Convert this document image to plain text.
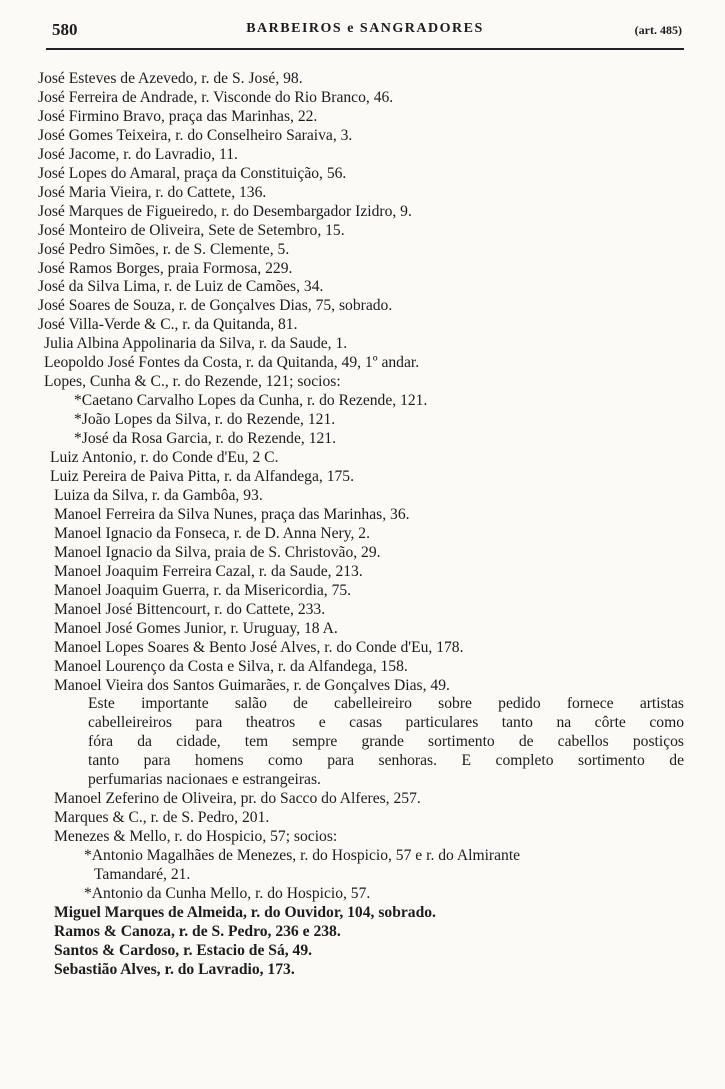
580	BARBEIROS e SANGRADORES	(art. 485)
José Esteves de Azevedo, r. de S. José, 98.
José Ferreira de Andrade, r. Visconde do Rio Branco, 46.
José Firmino Bravo, praça das Marinhas, 22.
José Gomes Teixeira, r. do Conselheiro Saraiva, 3.
José Jacome, r. do Lavradio, 11.
José Lopes do Amaral, praça da Constituição, 56.
José Maria Vieira, r. do Cattete, 136.
José Marques de Figueiredo, r. do Desembargador Izidro, 9.
José Monteiro de Oliveira, Sete de Setembro, 15.
José Pedro Simões, r. de S. Clemente, 5.
José Ramos Borges, praia Formosa, 229.
José da Silva Lima, r. de Luiz de Camões, 34.
José Soares de Souza, r. de Gonçalves Dias, 75, sobrado.
José Villa-Verde & C., r. da Quitanda, 81.
Julia Albina Appolinaria da Silva, r. da Saude, 1.
Leopoldo José Fontes da Costa, r. da Quitanda, 49, 1º andar.
Lopes, Cunha & C., r. do Rezende, 121; socios:
*Caetano Carvalho Lopes da Cunha, r. do Rezende, 121.
*João Lopes da Silva, r. do Rezende, 121.
*José da Rosa Garcia, r. do Rezende, 121.
Luiz Antonio, r. do Conde d'Eu, 2 C.
Luiz Pereira de Paiva Pitta, r. da Alfandega, 175.
Luiza da Silva, r. da Gambôa, 93.
Manoel Ferreira da Silva Nunes, praça das Marinhas, 36.
Manoel Ignacio da Fonseca, r. de D. Anna Nery, 2.
Manoel Ignacio da Silva, praia de S. Christovão, 29.
Manoel Joaquim Ferreira Cazal, r. da Saude, 213.
Manoel Joaquim Guerra, r. da Misericordia, 75.
Manoel José Bittencourt, r. do Cattete, 233.
Manoel José Gomes Junior, r. Uruguay, 18 A.
Manoel Lopes Soares & Bento José Alves, r. do Conde d'Eu, 178.
Manoel Lourenço da Costa e Silva, r. da Alfandega, 158.
Manoel Vieira dos Santos Guimarães, r. de Gonçalves Dias, 49.
Este importante salão de cabelleireiro sobre pedido fornece artistas
cabelleireiros para theatros e casas particulares tanto na côrte como
fóra da cidade, tem sempre grande sortimento de cabellos postiços
tanto para homens como para senhoras. E completo sortimento de
perfumarias nacionaes e estrangeiras.
Manoel Zeferino de Oliveira, pr. do Sacco do Alferes, 257.
Marques & C., r. de S. Pedro, 201.
Menezes & Mello, r. do Hospicio, 57; socios:
*Antonio Magalhães de Menezes, r. do Hospicio, 57 e r. do Almirante
Tamandaré, 21.
*Antonio da Cunha Mello, r. do Hospicio, 57.
Miguel Marques de Almeida, r. do Ouvidor, 104, sobrado.
Ramos & Canoza, r. de S. Pedro, 236 e 238.
Santos & Cardoso, r. Estacio de Sá, 49.
Sebastião Alves, r. do Lavradio, 173.
